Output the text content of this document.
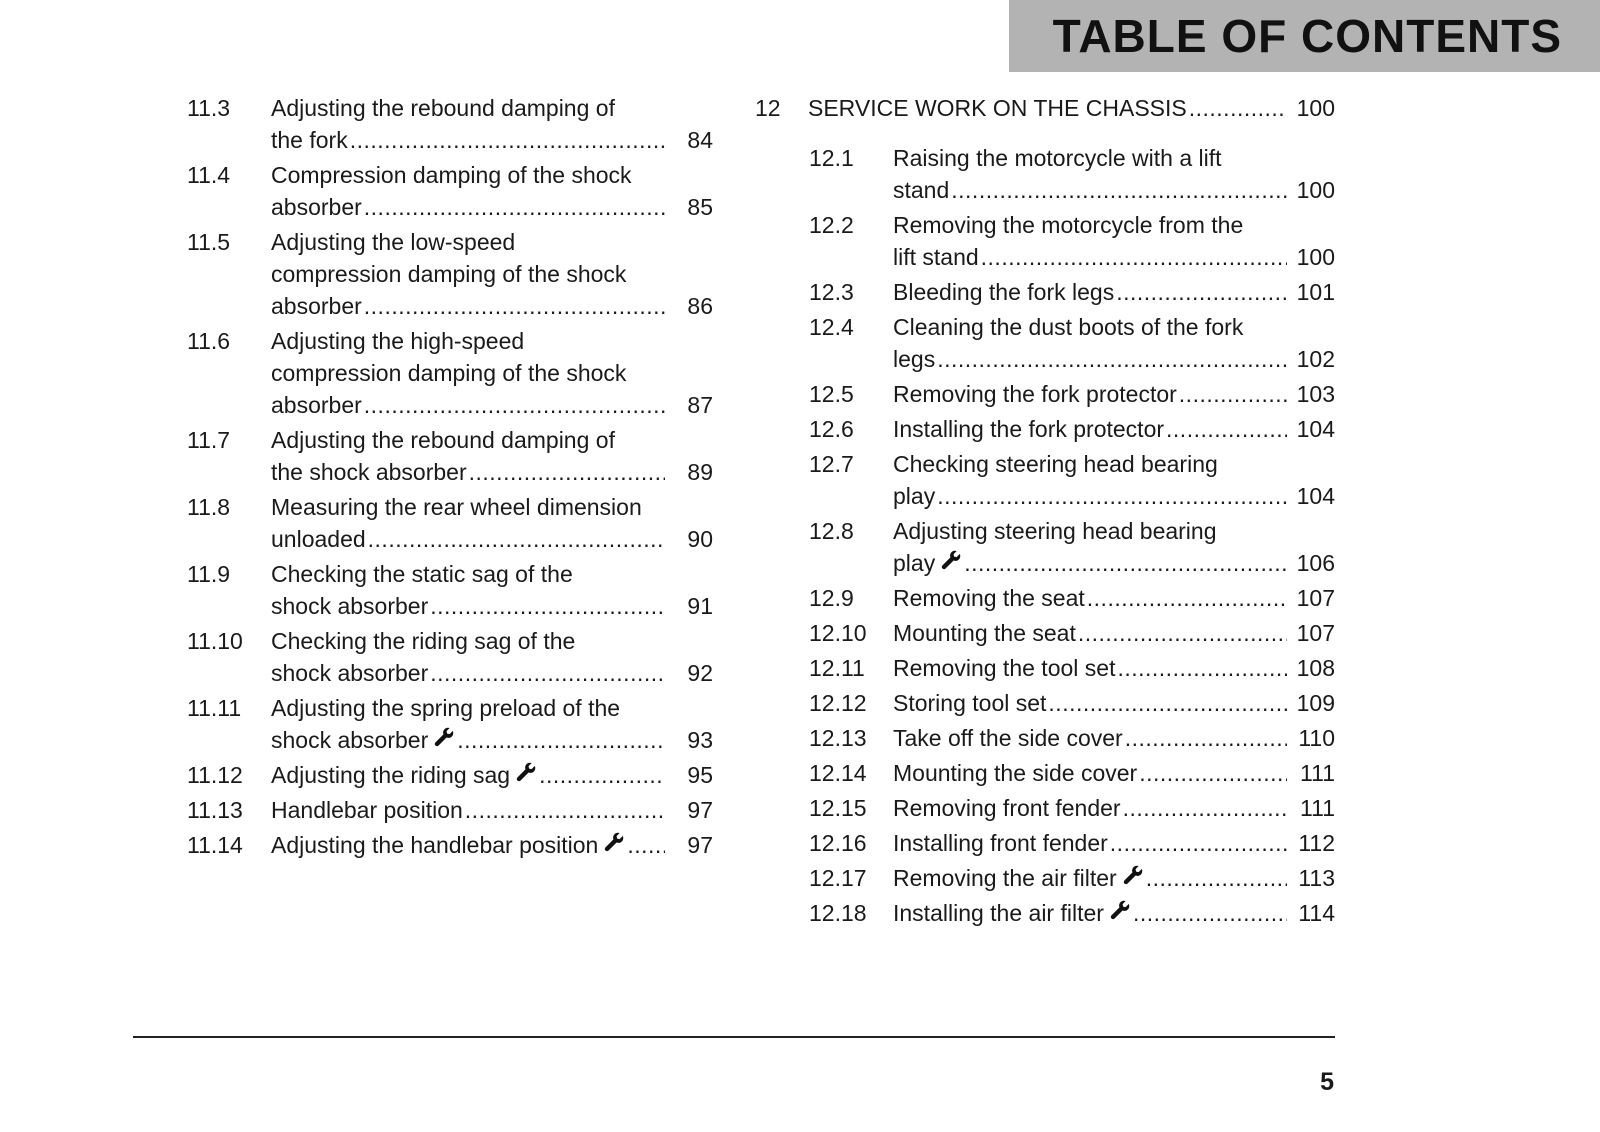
TABLE OF CONTENTS
11.3 Adjusting the rebound damping of
the fork .....	84
11.4 Compression damping of the shock
absorber .....	85
11.5 Adjusting the low-speed
compression damping of the shock
absorber .....	86
11.6 Adjusting the high-speed
compression damping of the shock
absorber .....	87
11.7 Adjusting the rebound damping of
the shock absorber .....	89
11.8 Measuring the rear wheel dimension
unloaded .....	90
11.9 Checking the static sag of the
shock absorber .....	91
11.10 Checking the riding sag of the
shock absorber .....	92
11.11 Adjusting the spring preload of the
shock absorber .....	93
11.12 Adjusting the riding sag .....	95
11.13 Handlebar position .....	97
11.14 Adjusting the handlebar position .....	97
12 SERVICE WORK ON THE CHASSIS .....	100
12.1 Raising the motorcycle with a lift
stand .....	100
12.2 Removing the motorcycle from the
lift stand .....	100
12.3 Bleeding the fork legs .....	101
12.4 Cleaning the dust boots of the fork
legs .....	102
12.5 Removing the fork protector .....	103
12.6 Installing the fork protector .....	104
12.7 Checking steering head bearing
play .....	104
12.8 Adjusting steering head bearing
play .....	106
12.9 Removing the seat .....	107
12.10 Mounting the seat .....	107
12.11 Removing the tool set .....	108
12.12 Storing tool set .....	109
12.13 Take off the side cover .....	110
12.14 Mounting the side cover .....	111
12.15 Removing front fender .....	111
12.16 Installing front fender .....	112
12.17 Removing the air filter .....	113
12.18 Installing the air filter .....	114
5
